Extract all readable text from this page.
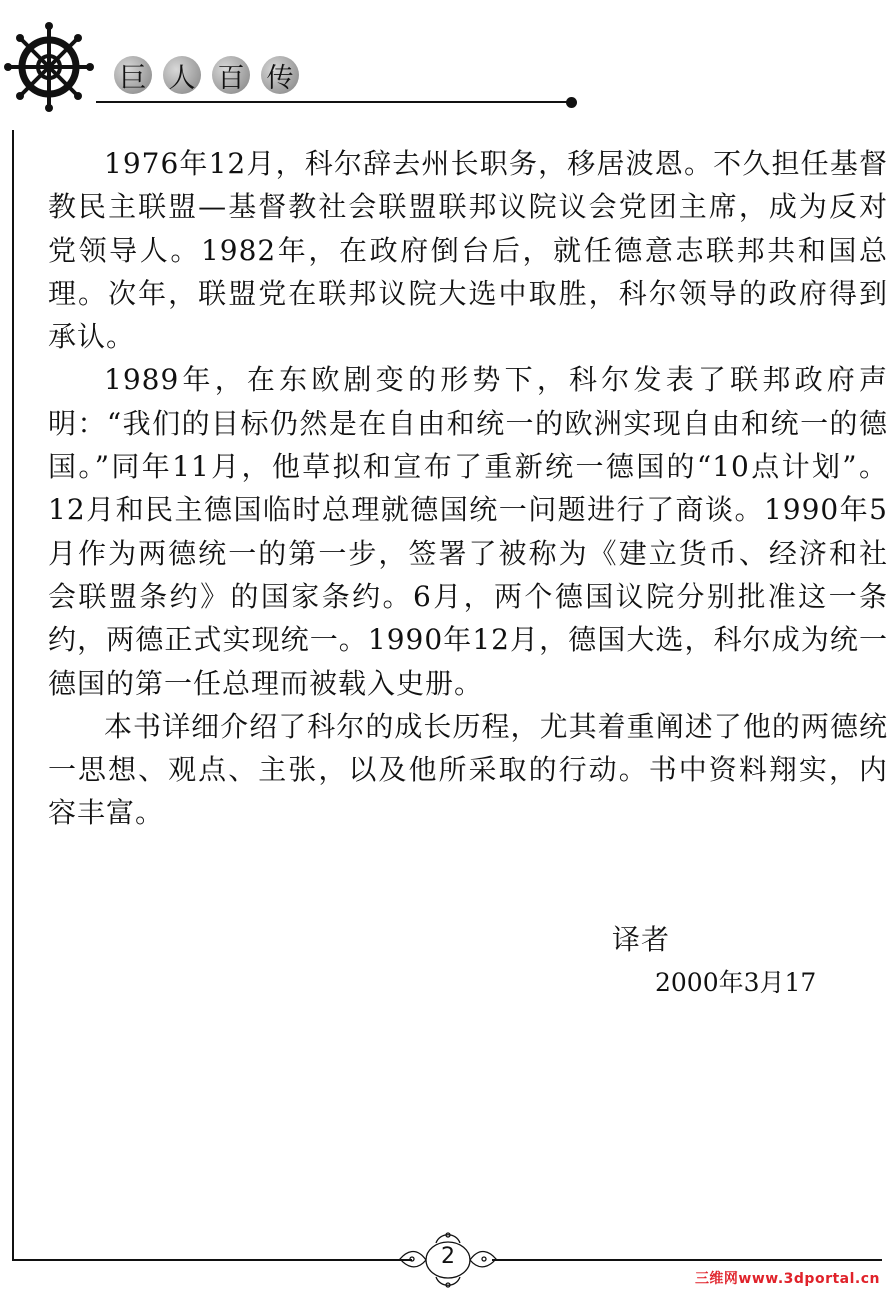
巨 人 百 传

1976年12月，科尔辞去州长职务，移居波恩。不久担任基督教民主联盟—基督教社会联盟联邦议院议会党团主席，成为反对党领导人。1982年，在政府倒台后，就任德意志联邦共和国总理。次年，联盟党在联邦议院大选中取胜，科尔领导的政府得到承认。

1989年，在东欧剧变的形势下，科尔发表了联邦政府声明：“我们的目标仍然是在自由和统一的欧洲实现自由和统一的德国。”同年11月，他草拟和宣布了重新统一德国的“10点计划”。12月和民主德国临时总理就德国统一问题进行了商谈。1990年5月作为两德统一的第一步，签署了被称为《建立货币、经济和社会联盟条约》的国家条约。6月，两个德国议院分别批准这一条约，两德正式实现统一。1990年12月，德国大选，科尔成为统一德国的第一任总理而被载入史册。

本书详细介绍了科尔的成长历程，尤其着重阐述了他的两德统一思想、观点、主张，以及他所采取的行动。书中资料翔实，内容丰富。

译者
2000年3月17
2
三维网www.3dportal.cn
